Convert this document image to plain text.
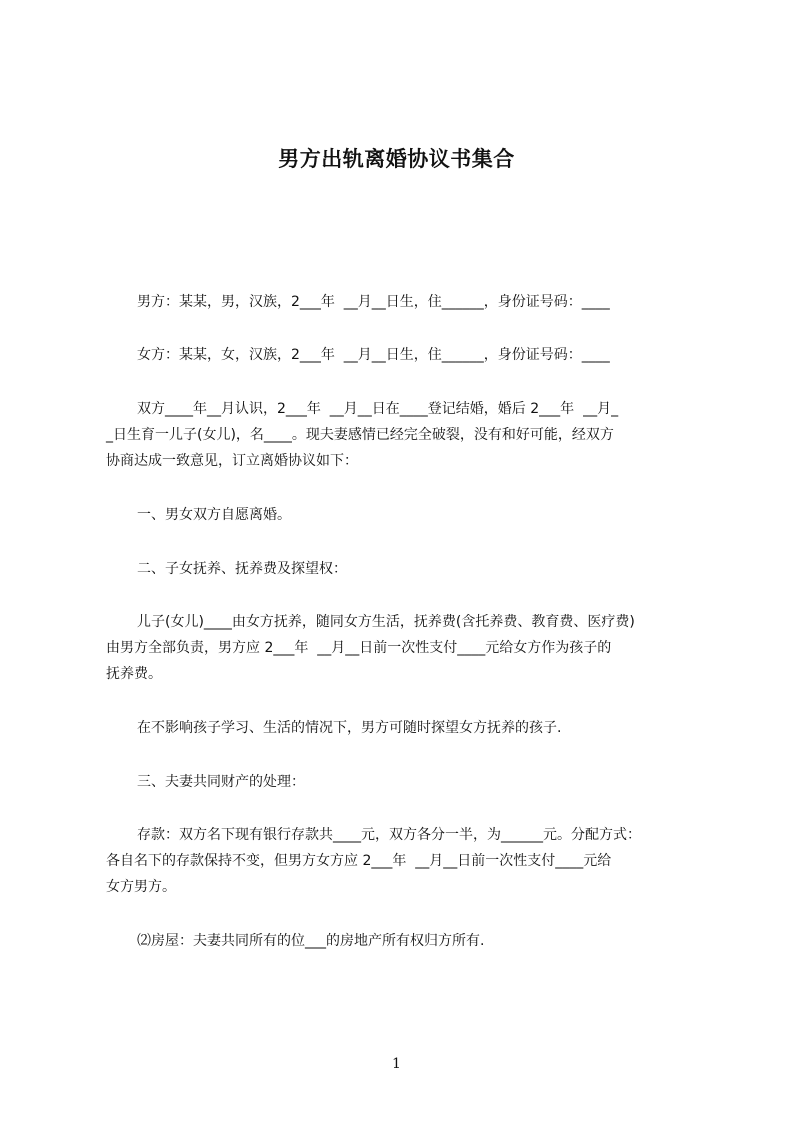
男方出轨离婚协议书集合
男方：某某，男，汉族，2___年  __月__日生，住______，身份证号码：____
女方：某某，女，汉族，2___年  __月__日生，住______，身份证号码：____
双方____年__月认识，2___年  __月__日在____登记结婚，婚后 2___年  __月_
_日生育一儿子(女儿)，名____。现夫妻感情已经完全破裂，没有和好可能，经双方
协商达成一致意见，订立离婚协议如下：
一、男女双方自愿离婚。
二、子女抚养、抚养费及探望权：
儿子(女儿)____由女方抚养，随同女方生活，抚养费(含托养费、教育费、医疗费)
由男方全部负责，男方应 2___年  __月__日前一次性支付____元给女方作为孩子的
抚养费。
在不影响孩子学习、生活的情况下，男方可随时探望女方抚养的孩子.
三、夫妻共同财产的处理：
存款：双方名下现有银行存款共____元，双方各分一半，为______元。分配方式：
各自名下的存款保持不变，但男方女方应 2___年  __月__日前一次性支付____元给
女方男方。
⑵房屋：夫妻共同所有的位___的房地产所有权归方所有.
1
